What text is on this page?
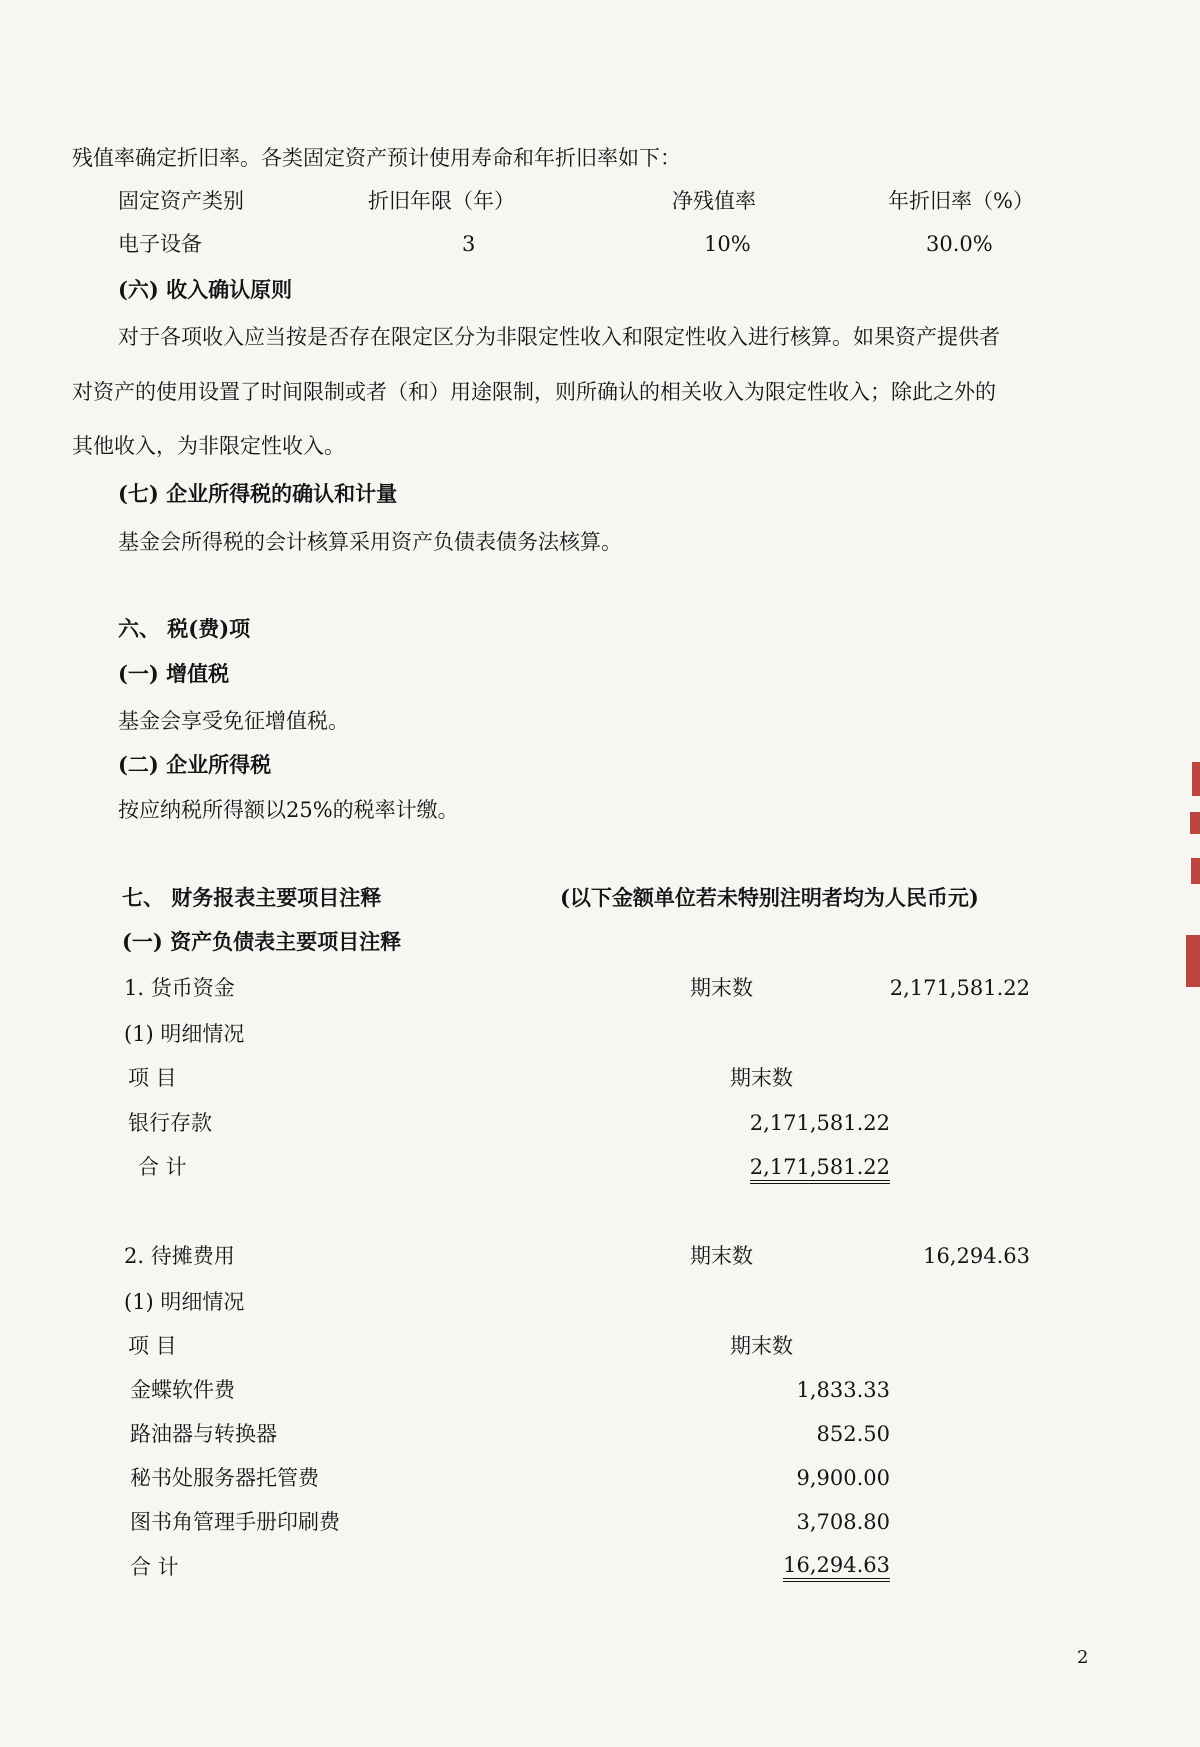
残值率确定折旧率。各类固定资产预计使用寿命和年折旧率如下：
固定资产类别	折旧年限（年）	净残值率	年折旧率（%）
电子设备	3	10%	30.0%
(六) 收入确认原则
对于各项收入应当按是否存在限定区分为非限定性收入和限定性收入进行核算。如果资产提供者
对资产的使用设置了时间限制或者（和）用途限制，则所确认的相关收入为限定性收入；除此之外的
其他收入，为非限定性收入。
(七) 企业所得税的确认和计量
基金会所得税的会计核算采用资产负债表债务法核算。
六、 税(费)项
(一) 增值税
基金会享受免征增值税。
(二) 企业所得税
按应纳税所得额以25%的税率计缴。
七、 财务报表主要项目注释	(以下金额单位若未特别注明者均为人民币元)
(一) 资产负债表主要项目注释
1. 货币资金	期末数	2,171,581.22
(1) 明细情况
项 目	期末数
银行存款	2,171,581.22
合 计	2,171,581.22
2. 待摊费用	期末数	16,294.63
(1) 明细情况
项 目	期末数
金蝶软件费	1,833.33
路油器与转换器	852.50
秘书处服务器托管费	9,900.00
图书角管理手册印刷费	3,708.80
合 计	16,294.63
2
